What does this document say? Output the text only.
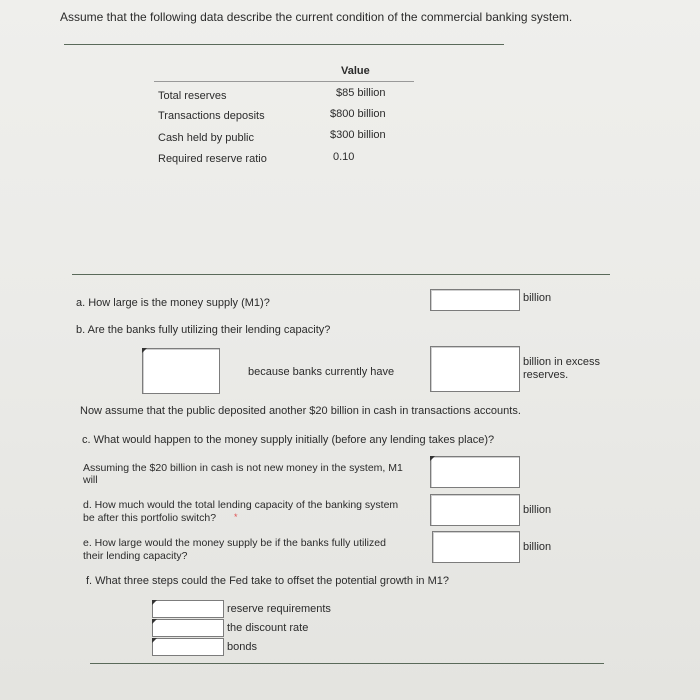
Assume that the following data describe the current condition of the commercial banking system.
Value
Total reserves	$85 billion
Transactions deposits	$800 billion
Cash held by public	$300 billion
Required reserve ratio	0.10
a. How large is the money supply (M1)?	billion
b. Are the banks fully utilizing their lending capacity?
because banks currently have
billion in excess
reserves.
Now assume that the public deposited another $20 billion in cash in transactions accounts.
c. What would happen to the money supply initially (before any lending takes place)?
Assuming the $20 billion in cash is not new money in the system, M1
will
d. How much would the total lending capacity of the banking system
be after this portfolio switch? *
billion
e. How large would the money supply be if the banks fully utilized
their lending capacity?
billion
f. What three steps could the Fed take to offset the potential growth in M1?
reserve requirements
the discount rate
bonds
